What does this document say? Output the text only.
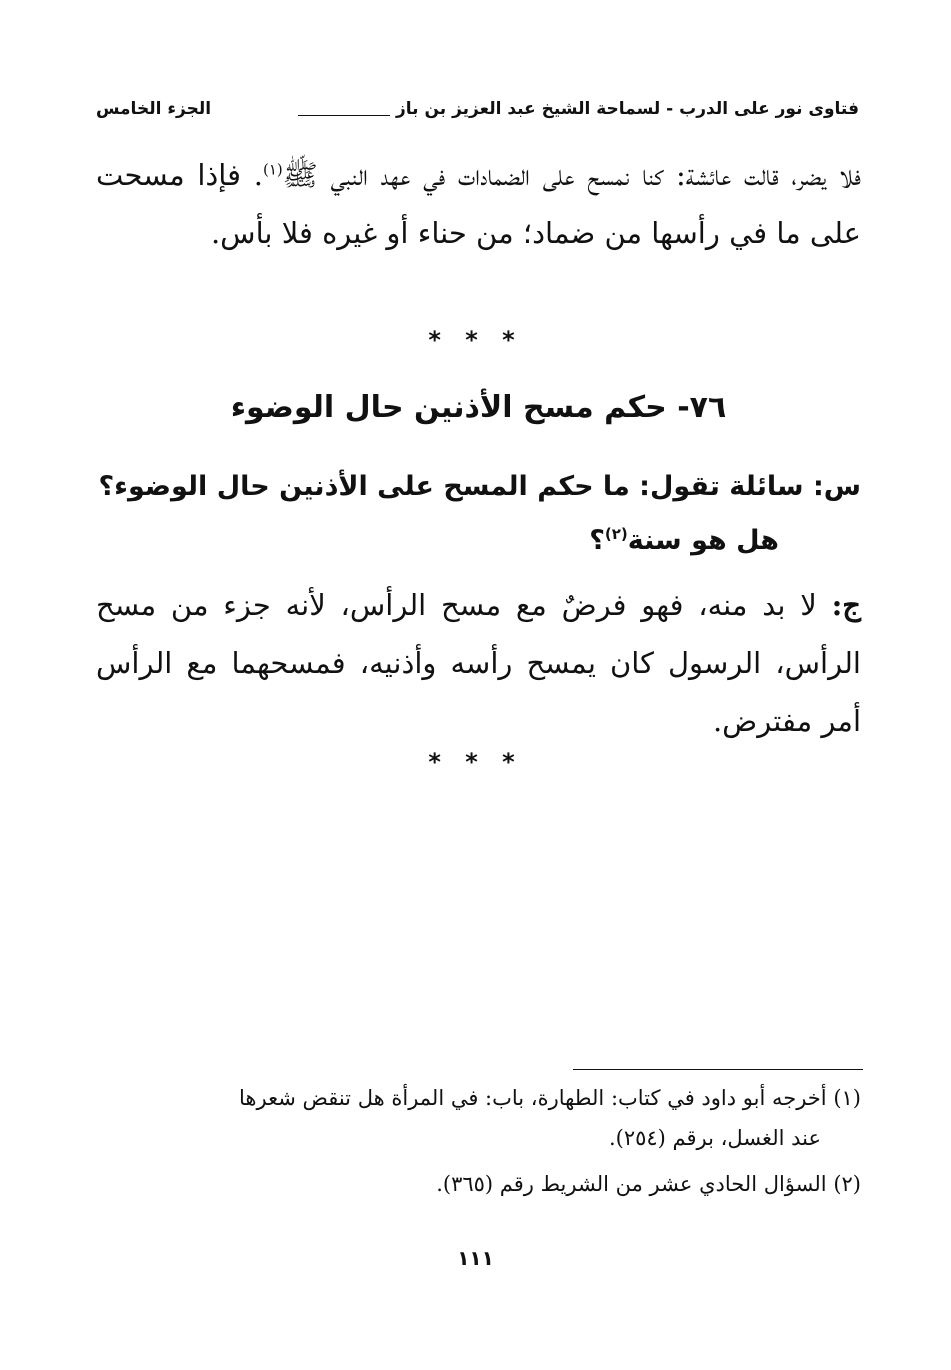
فتاوى نور على الدرب - لسماحة الشيخ عبد العزيز بن باز
الجزء الخامس
فلا يضر، قالت عائشة: كنا نمسح على الضمادات في عهد النبي ﷺ$^{(١)}$. فإذا مسحت على ما في رأسها من ضماد؛ من حناء أو غيره فلا بأس.
* * *
٧٦- حكم مسح الأذنين حال الوضوء
س: سائلة تقول: ما حكم المسح على الأذنين حال الوضوء؟
هل هو سنة$^{(٢)}$؟
ج: لا بد منه، فهو فرضٌ مع مسح الرأس، لأنه جزء من مسح الرأس، الرسول كان يمسح رأسه وأذنيه، فمسحهما مع الرأس أمر مفترض.
* * *
(١) أخرجه أبو داود في كتاب: الطهارة، باب: في المرأة هل تنقض شعرها
عند الغسل، برقم (٢٥٤).
(٢) السؤال الحادي عشر من الشريط رقم (٣٦٥).
١١١
